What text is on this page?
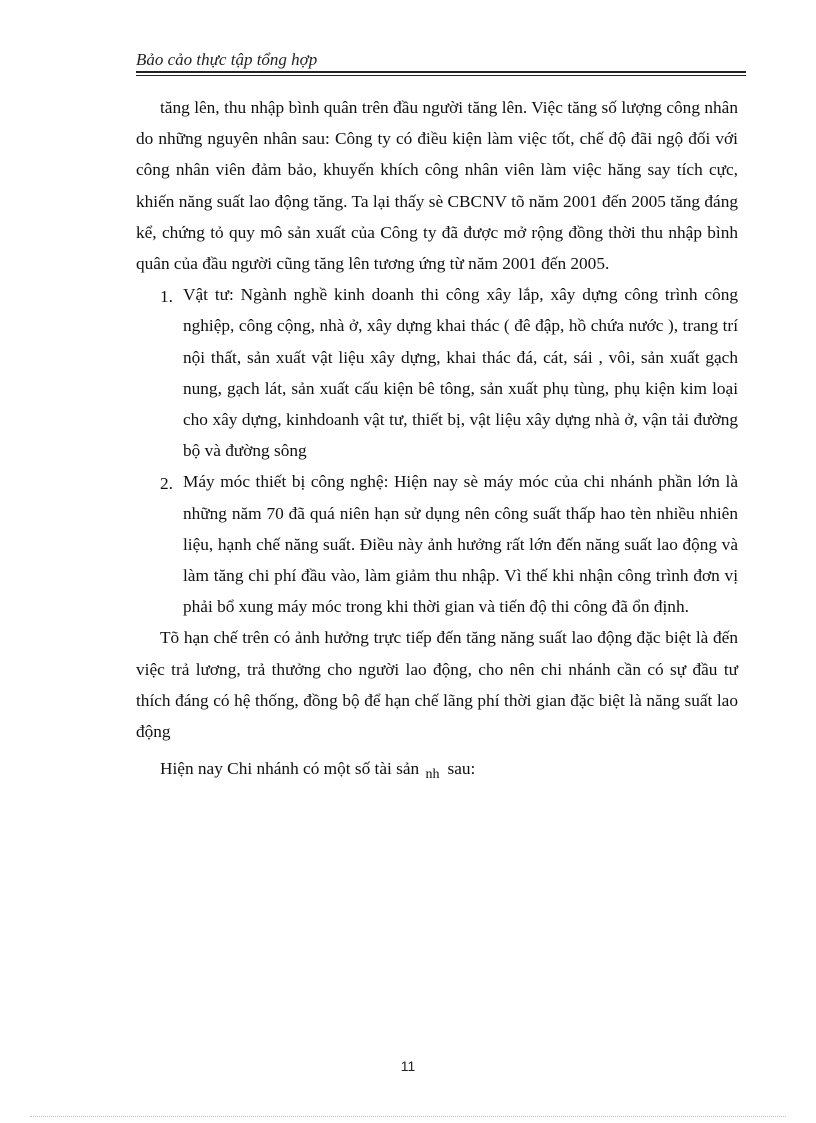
Bảo cảo thực tập tổng hợp

tăng lên, thu nhập bình quân trên đầu người tăng lên. Việc tăng số lượng công nhân do những nguyên nhân sau: Công ty có điều kiện làm việc tốt, chế độ đãi ngộ đối với công nhân viên đảm bảo, khuyến khích công nhân viên làm việc hăng say tích cực, khiến năng suất lao động tăng. Ta lại thấy sè CBCNV tõ năm 2001 đến 2005 tăng đáng kể, chứng tỏ quy mô sản xuất của Công ty đã được mở rộng đồng thời thu nhập bình quân của đầu người cũng tăng lên tương ứng từ năm 2001 đến 2005.

1. Vật tư: Ngành nghề kinh doanh thi công xây lắp, xây dựng công trình công nghiệp, công cộng, nhà ở, xây dựng khai thác ( đê đập, hồ chứa nước ), trang trí nội thất, sản xuất vật liệu xây dựng, khai thác đá, cát, sái , vôi, sản xuất gạch nung, gạch lát, sản xuất cấu kiện bê tông, sản xuất phụ tùng, phụ kiện kim loại cho xây dựng, kinhdoanh vật tư, thiết bị, vật liệu xây dựng nhà ở, vận tải đường bộ và đường sông
2. Máy móc thiết bị công nghệ: Hiện nay sè máy móc của chi nhánh phần lớn là những năm 70 đã quá niên hạn sử dụng nên công suất thấp hao tèn nhiều nhiên liệu, hạnh chế năng suất. Điều này ảnh hưởng rất lớn đến năng suất lao động và làm tăng chi phí đầu vào, làm giảm thu nhập. Vì thế khi nhận công trình đơn vị phải bổ xung máy móc trong khi thời gian và tiến độ thi công đã ổn định.

Tõ hạn chế trên có ảnh hưởng trực tiếp đến tăng năng suất lao động đặc biệt là đến việc trả lương, trả thưởng cho người lao động, cho nên chi nhánh cần có sự đầu tư thích đáng có hệ thống, đồng bộ để hạn chế lãng phí thời gian đặc biệt là năng suất lao động

Hiện nay Chi nhánh có một số tài sản $_{nh}$ sau:

11
